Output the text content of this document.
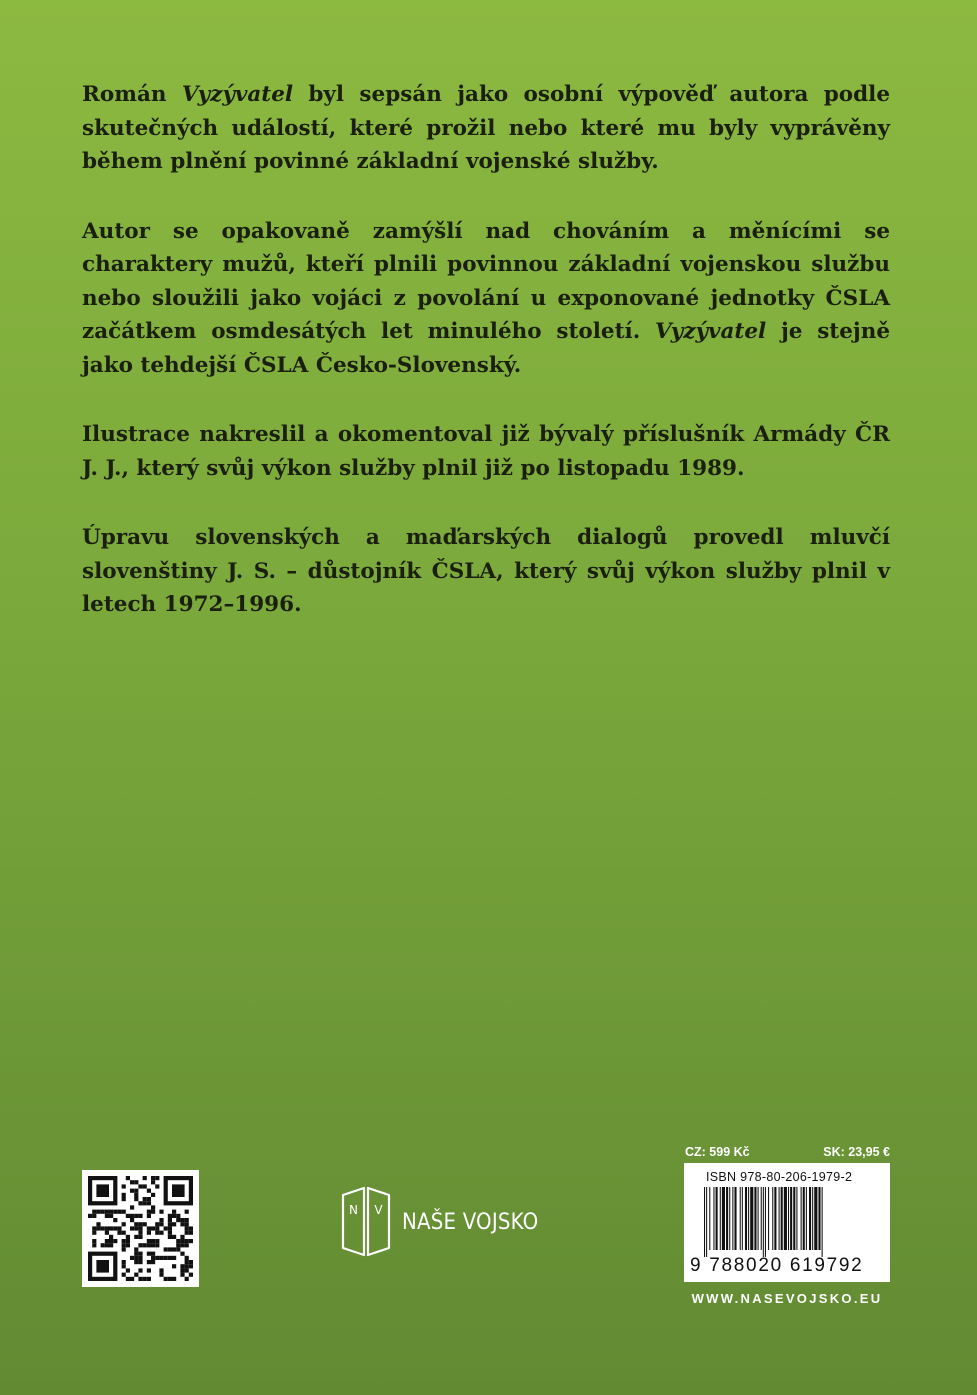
Román Vyzývatel byl sepsán jako osobní výpověď autora podle skutečných událostí, které prožil nebo které mu byly vyprávěny během plnění povinné základní vojenské služby.

Autor se opakovaně zamýšlí nad chováním a měnícími se charaktery mužů, kteří plnili povinnou základní vojenskou službu nebo sloužili jako vojáci z povolání u exponované jednotky ČSLA začátkem osmdesátých let minulého století. Vyzývatel je stejně jako tehdejší ČSLA Česko-Slovenský.

Ilustrace nakreslil a okomentoval již bývalý příslušník Armády ČR J. J., který svůj výkon služby plnil již po listopadu 1989.

Úpravu slovenských a maďarských dialogů provedl mluvčí slovenštiny J. S. – důstojník ČSLA, který svůj výkon služby plnil v letech 1972–1996.

N V NAŠE VOJSKO
CZ: 599 Kč	SK: 23,95 €
ISBN 978-80-206-1979-2
9 788020 619792
WWW.NASEVOJSKO.EU
